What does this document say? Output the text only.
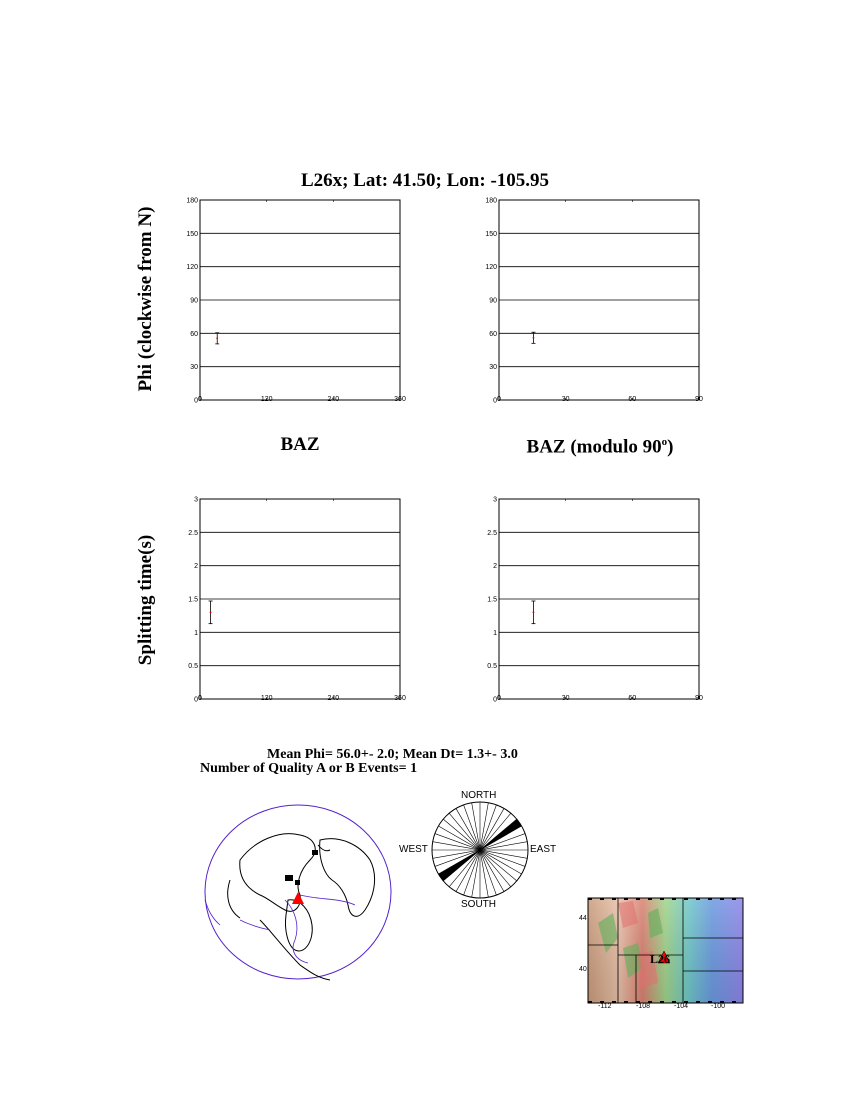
L26x; Lat: 41.50; Lon: -105.95
0
30
60
90
120
150
180
0	120	240	360	0
30
60
90
120
150
180
0	30	60	90
0
0.5
1
1.5
2
2.5
3
0	120	240	360	0
0.5
1
1.5
2
2.5
3
0	30	60	90
Phi (clockwise from N)
Splitting time(s)
BAZ	BAZ (modulo 90$^o$)
Mean Phi= 56.0+- 2.0; Mean Dt= 1.3+- 3.0
Number of Quality A or B Events= 1
NORTH
SOUTH
WEST	EAST
L26
44
40
-112	-108	-104	-100
